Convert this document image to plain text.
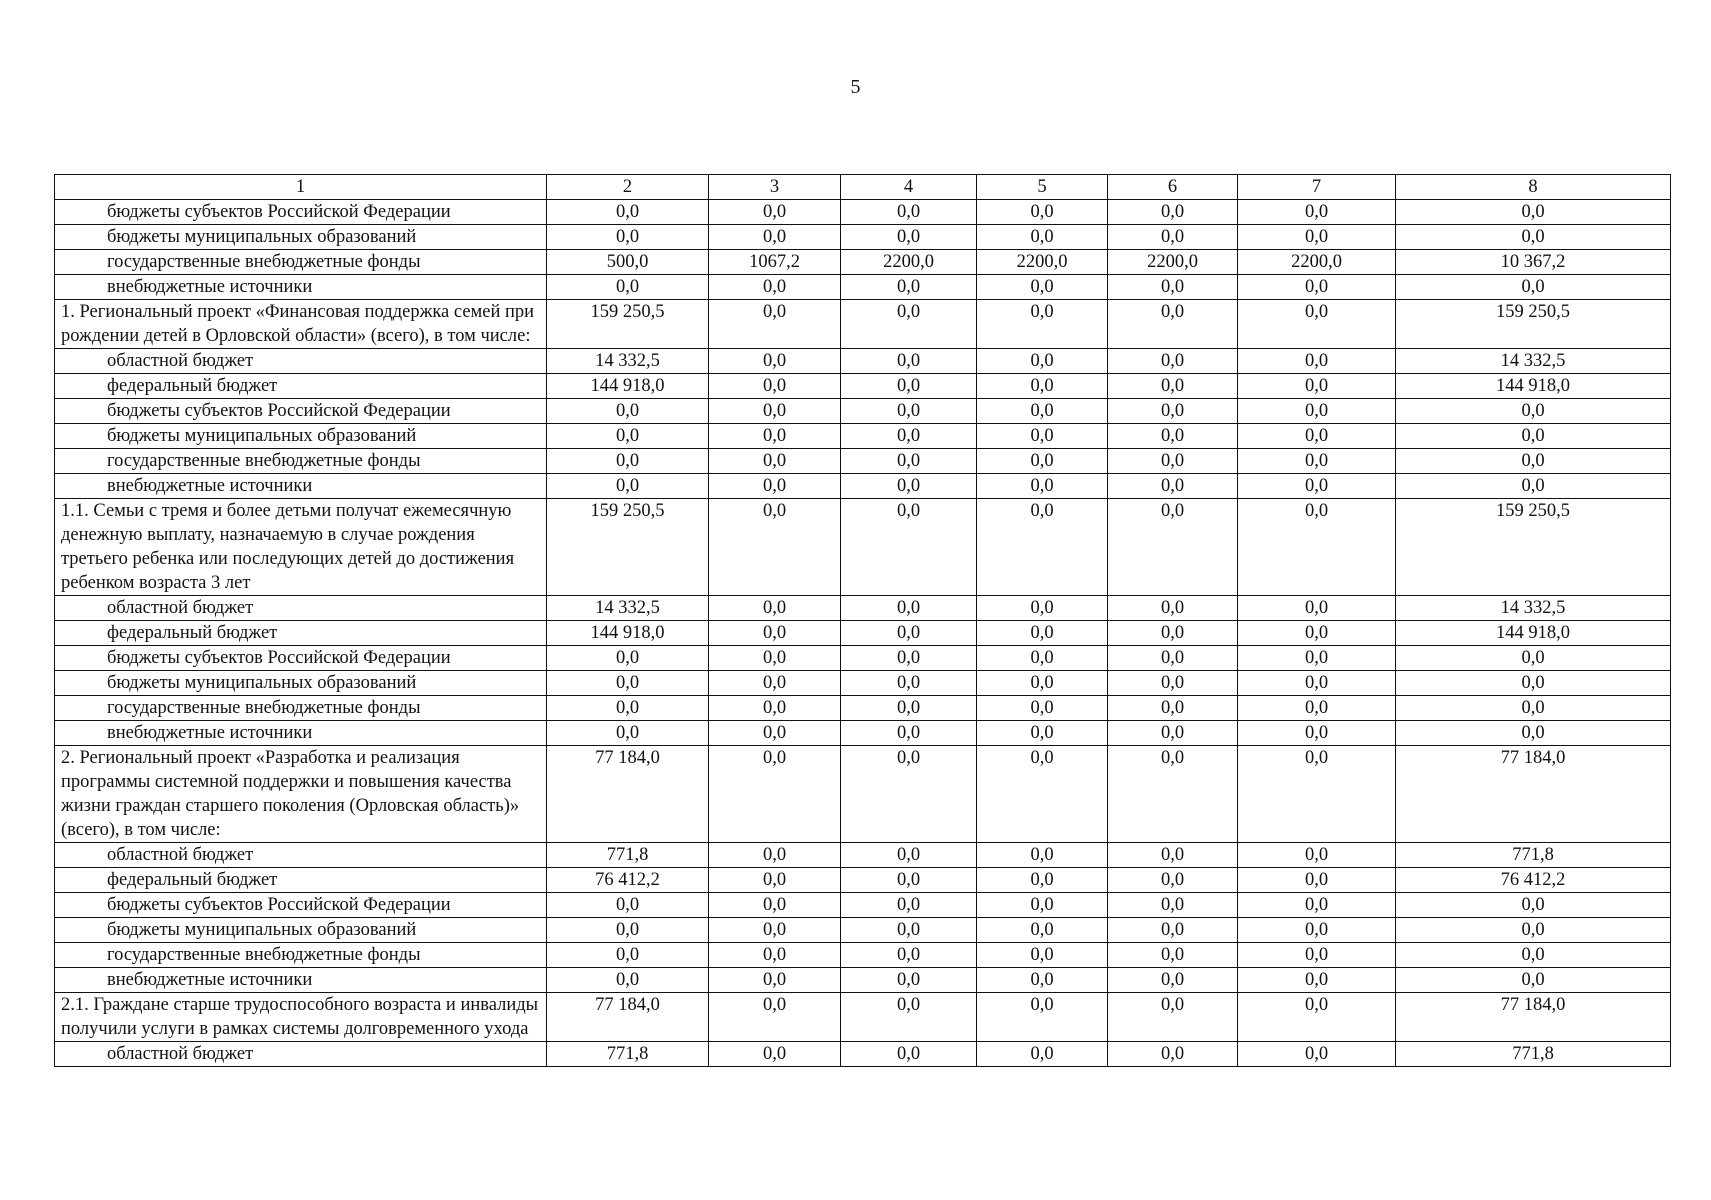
5
1	2	3	4	5	6	7	8
бюджеты субъектов Российской Федерации	0,0	0,0	0,0	0,0	0,0	0,0	0,0
бюджеты муниципальных образований	0,0	0,0	0,0	0,0	0,0	0,0	0,0
государственные внебюджетные фонды	500,0	1067,2	2200,0	2200,0	2200,0	2200,0	10 367,2
внебюджетные источники	0,0	0,0	0,0	0,0	0,0	0,0	0,0
1. Региональный проект «Финансовая поддержка семей при рождении детей в Орловской области» (всего), в том числе:	159 250,5	0,0	0,0	0,0	0,0	0,0	159 250,5
областной бюджет	14 332,5	0,0	0,0	0,0	0,0	0,0	14 332,5
федеральный бюджет	144 918,0	0,0	0,0	0,0	0,0	0,0	144 918,0
бюджеты субъектов Российской Федерации	0,0	0,0	0,0	0,0	0,0	0,0	0,0
бюджеты муниципальных образований	0,0	0,0	0,0	0,0	0,0	0,0	0,0
государственные внебюджетные фонды	0,0	0,0	0,0	0,0	0,0	0,0	0,0
внебюджетные источники	0,0	0,0	0,0	0,0	0,0	0,0	0,0
1.1. Семьи с тремя и более детьми получат ежемесячную денежную выплату, назначаемую в случае рождения третьего ребенка или последующих детей до достижения ребенком возраста 3 лет	159 250,5	0,0	0,0	0,0	0,0	0,0	159 250,5
областной бюджет	14 332,5	0,0	0,0	0,0	0,0	0,0	14 332,5
федеральный бюджет	144 918,0	0,0	0,0	0,0	0,0	0,0	144 918,0
бюджеты субъектов Российской Федерации	0,0	0,0	0,0	0,0	0,0	0,0	0,0
бюджеты муниципальных образований	0,0	0,0	0,0	0,0	0,0	0,0	0,0
государственные внебюджетные фонды	0,0	0,0	0,0	0,0	0,0	0,0	0,0
внебюджетные источники	0,0	0,0	0,0	0,0	0,0	0,0	0,0
2. Региональный проект «Разработка и реализация программы системной поддержки и повышения качества жизни граждан старшего поколения (Орловская область)» (всего), в том числе:	77 184,0	0,0	0,0	0,0	0,0	0,0	77 184,0
областной бюджет	771,8	0,0	0,0	0,0	0,0	0,0	771,8
федеральный бюджет	76 412,2	0,0	0,0	0,0	0,0	0,0	76 412,2
бюджеты субъектов Российской Федерации	0,0	0,0	0,0	0,0	0,0	0,0	0,0
бюджеты муниципальных образований	0,0	0,0	0,0	0,0	0,0	0,0	0,0
государственные внебюджетные фонды	0,0	0,0	0,0	0,0	0,0	0,0	0,0
внебюджетные источники	0,0	0,0	0,0	0,0	0,0	0,0	0,0
2.1. Граждане старше трудоспособного возраста и инвалиды получили услуги в рамках системы долговременного ухода	77 184,0	0,0	0,0	0,0	0,0	0,0	77 184,0
областной бюджет	771,8	0,0	0,0	0,0	0,0	0,0	771,8
